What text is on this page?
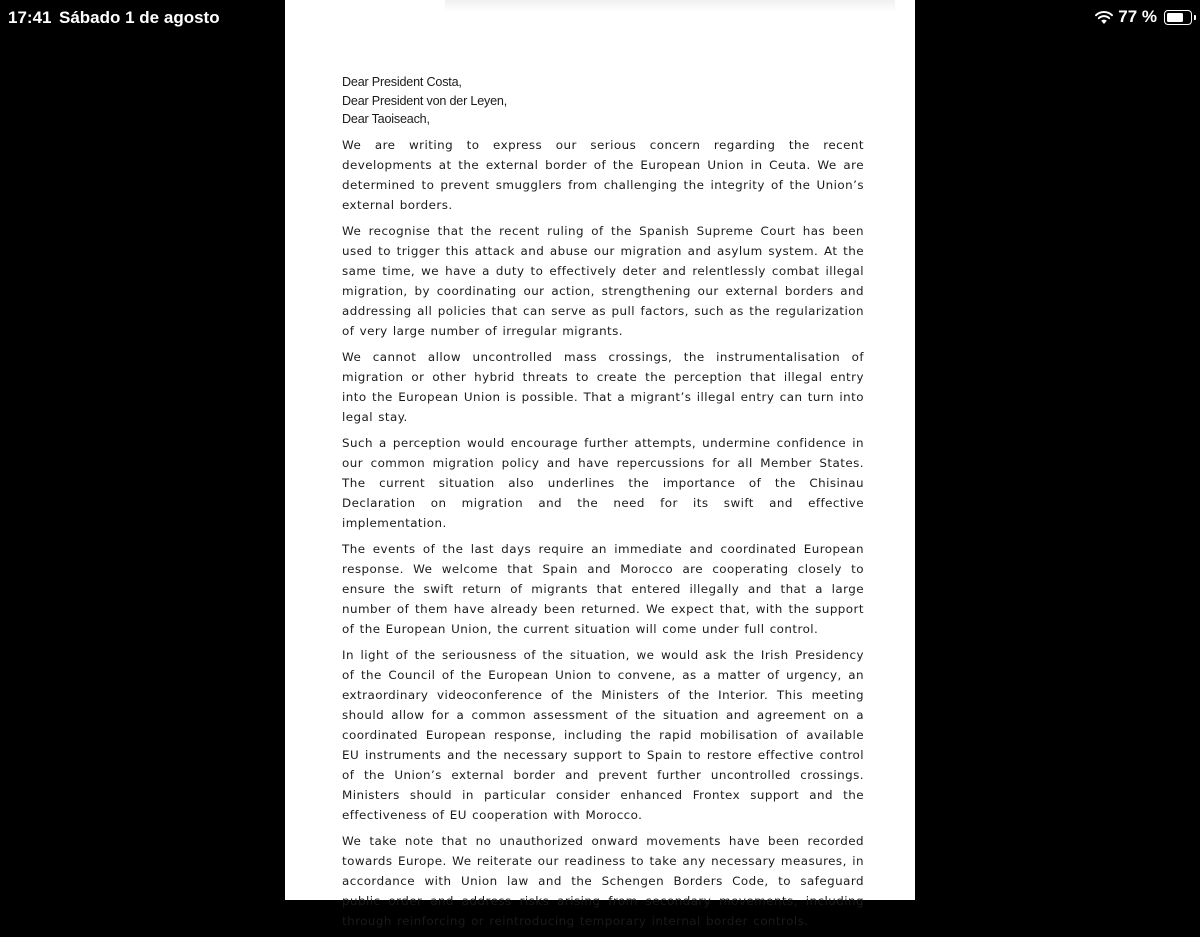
17:41 Sábado 1 de agosto	77 %
Dear President Costa,
Dear President von der Leyen,
Dear Taoiseach,

We are writing to express our serious concern regarding the recent developments at the external border of the European Union in Ceuta. We are determined to prevent smugglers from challenging the integrity of the Union’s external borders.

We recognise that the recent ruling of the Spanish Supreme Court has been used to trigger this attack and abuse our migration and asylum system. At the same time, we have a duty to effectively deter and relentlessly combat illegal migration, by coordinating our action, strengthening our external borders and addressing all policies that can serve as pull factors, such as the regularization of very large number of irregular migrants.

We cannot allow uncontrolled mass crossings, the instrumentalisation of migration or other hybrid threats to create the perception that illegal entry into the European Union is possible. That a migrant’s illegal entry can turn into legal stay.

Such a perception would encourage further attempts, undermine confidence in our common migration policy and have repercussions for all Member States. The current situation also underlines the importance of the Chisinau Declaration on migration and the need for its swift and effective implementation.

The events of the last days require an immediate and coordinated European response. We welcome that Spain and Morocco are cooperating closely to ensure the swift return of migrants that entered illegally and that a large number of them have already been returned. We expect that, with the support of the European Union, the current situation will come under full control.

In light of the seriousness of the situation, we would ask the Irish Presidency of the Council of the European Union to convene, as a matter of urgency, an extraordinary videoconference of the Ministers of the Interior. This meeting should allow for a common assessment of the situation and agreement on a coordinated European response, including the rapid mobilisation of available EU instruments and the necessary support to Spain to restore effective control of the Union’s external border and prevent further uncontrolled crossings. Ministers should in particular consider enhanced Frontex support and the effectiveness of EU cooperation with Morocco.

We take note that no unauthorized onward movements have been recorded towards Europe. We reiterate our readiness to take any necessary measures, in accordance with Union law and the Schengen Borders Code, to safeguard public order and address risks arising from secondary movements, including through reinforcing or reintroducing temporary internal border controls.
